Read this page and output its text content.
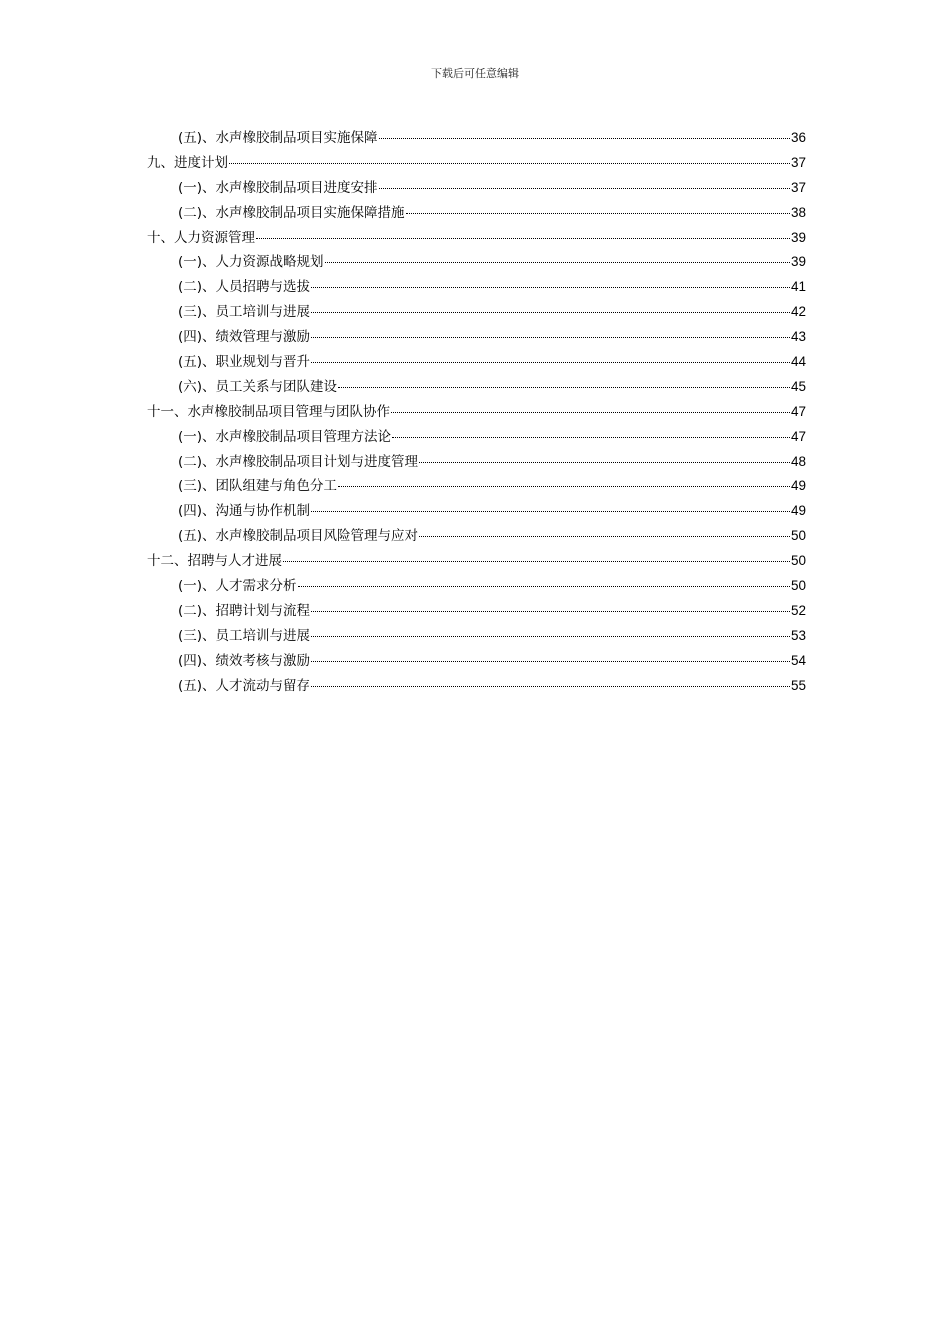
下载后可任意编辑
(五)、水声橡胶制品项目实施保障	36
九、进度计划	37
(一)、水声橡胶制品项目进度安排	37
(二)、水声橡胶制品项目实施保障措施	38
十、人力资源管理	39
(一)、人力资源战略规划	39
(二)、人员招聘与选拔	41
(三)、员工培训与进展	42
(四)、绩效管理与激励	43
(五)、职业规划与晋升	44
(六)、员工关系与团队建设	45
十一、水声橡胶制品项目管理与团队协作	47
(一)、水声橡胶制品项目管理方法论	47
(二)、水声橡胶制品项目计划与进度管理	48
(三)、团队组建与角色分工	49
(四)、沟通与协作机制	49
(五)、水声橡胶制品项目风险管理与应对	50
十二、招聘与人才进展	50
(一)、人才需求分析	50
(二)、招聘计划与流程	52
(三)、员工培训与进展	53
(四)、绩效考核与激励	54
(五)、人才流动与留存	55
